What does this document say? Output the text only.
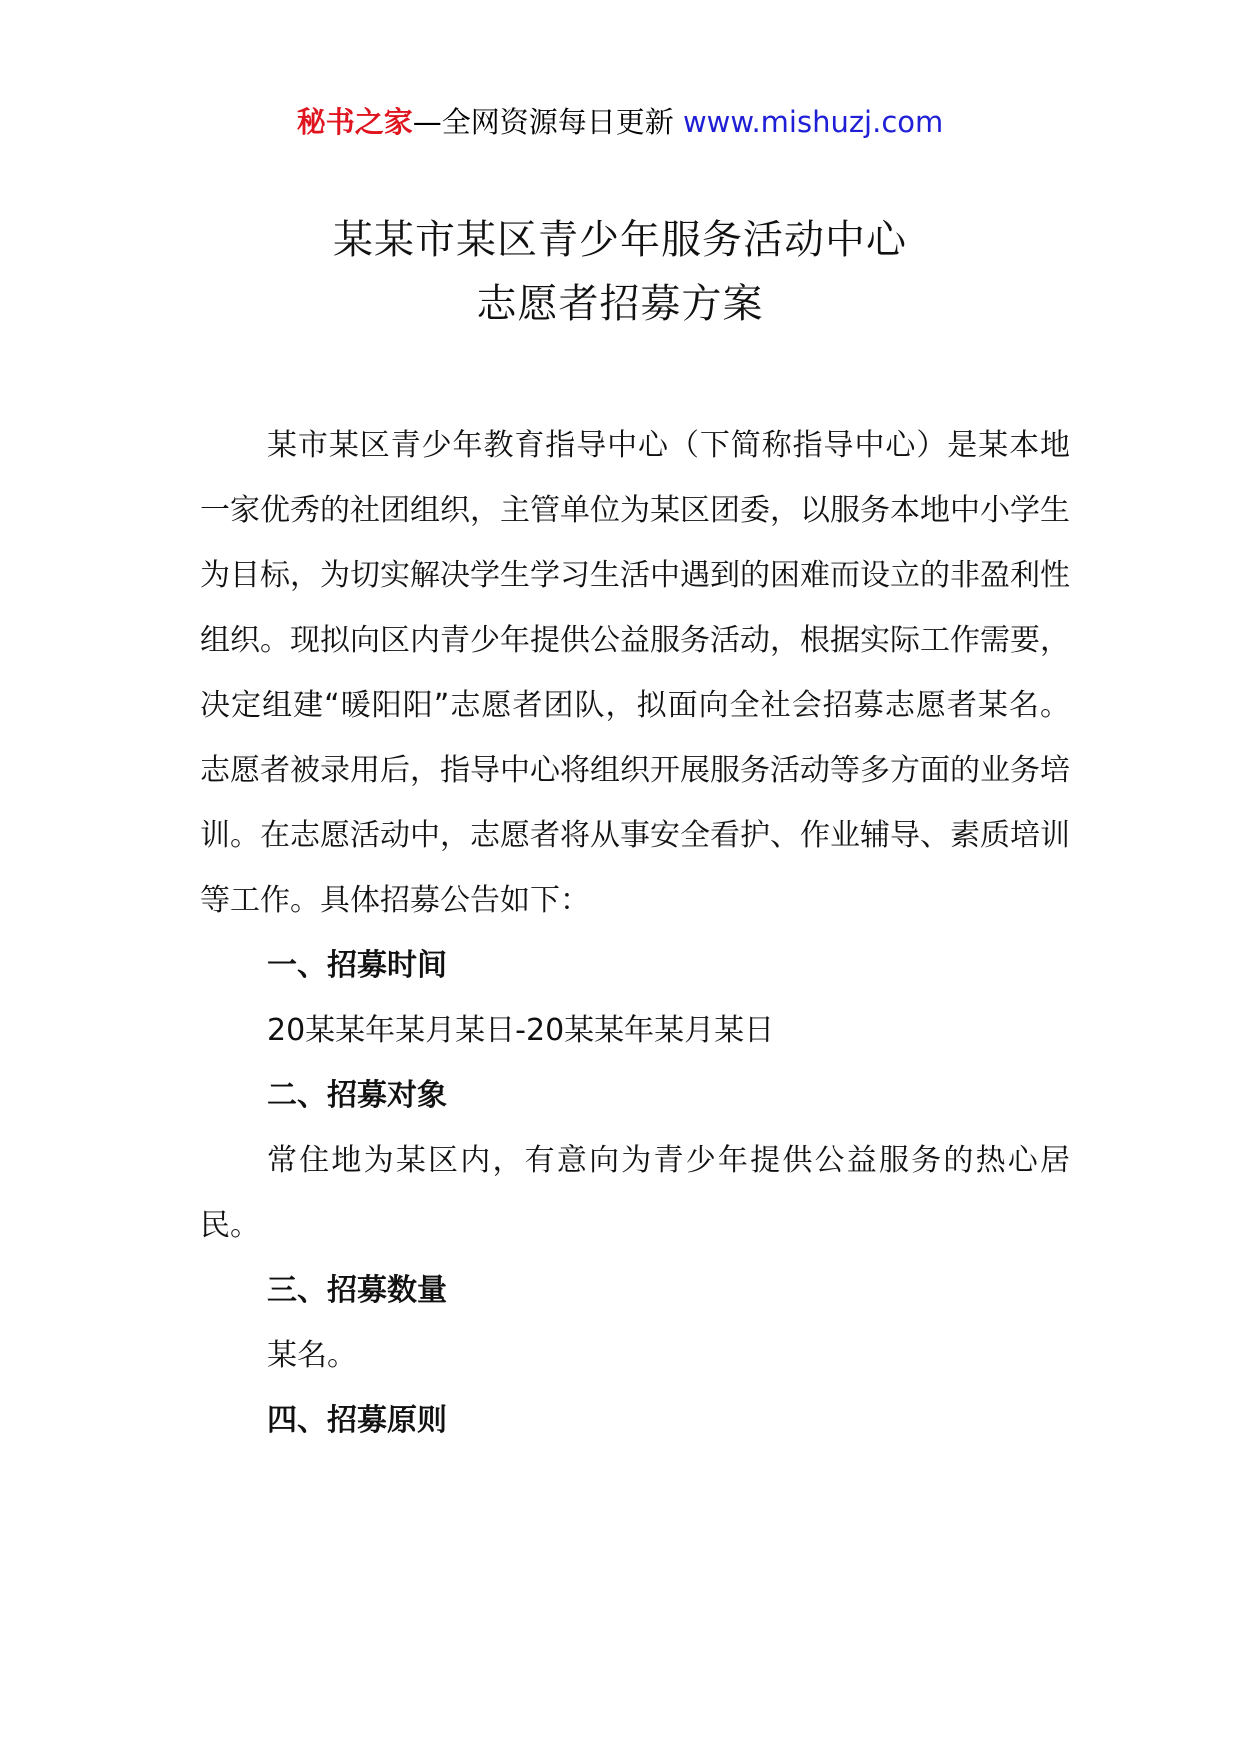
秘书之家—全网资源每日更新 www.mishuzj.com
某某市某区青少年服务活动中心
志愿者招募方案

某市某区青少年教育指导中心（下简称指导中心）是某本地一家优秀的社团组织，主管单位为某区团委，以服务本地中小学生为目标，为切实解决学生学习生活中遇到的困难而设立的非盈利性组织。现拟向区内青少年提供公益服务活动，根据实际工作需要，决定组建“暖阳阳”志愿者团队，拟面向全社会招募志愿者某名。志愿者被录用后，指导中心将组织开展服务活动等多方面的业务培训。在志愿活动中，志愿者将从事安全看护、作业辅导、素质培训等工作。具体招募公告如下：

一、招募时间

20某某年某月某日-20某某年某月某日

二、招募对象

常住地为某区内，有意向为青少年提供公益服务的热心居民。

三、招募数量

某名。

四、招募原则
